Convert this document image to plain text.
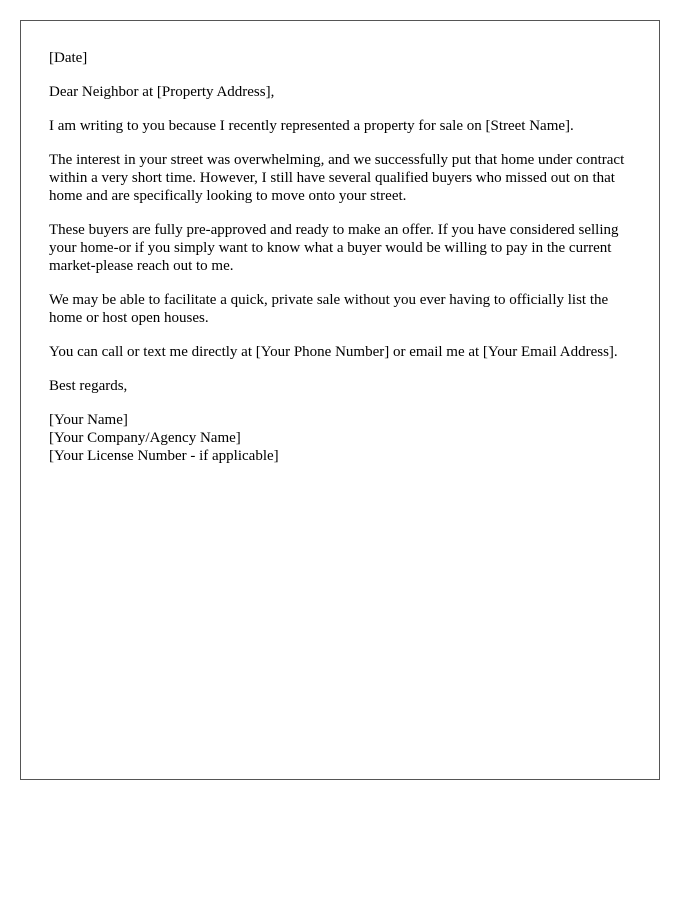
[Date]

Dear Neighbor at [Property Address],

I am writing to you because I recently represented a property for sale on [Street Name].

The interest in your street was overwhelming, and we successfully put that home under contract within a very short time. However, I still have several qualified buyers who missed out on that home and are specifically looking to move onto your street.

These buyers are fully pre-approved and ready to make an offer. If you have considered selling your home-or if you simply want to know what a buyer would be willing to pay in the current market-please reach out to me.

We may be able to facilitate a quick, private sale without you ever having to officially list the home or host open houses.

You can call or text me directly at [Your Phone Number] or email me at [Your Email Address].

Best regards,

[Your Name]
[Your Company/Agency Name]
[Your License Number - if applicable]
